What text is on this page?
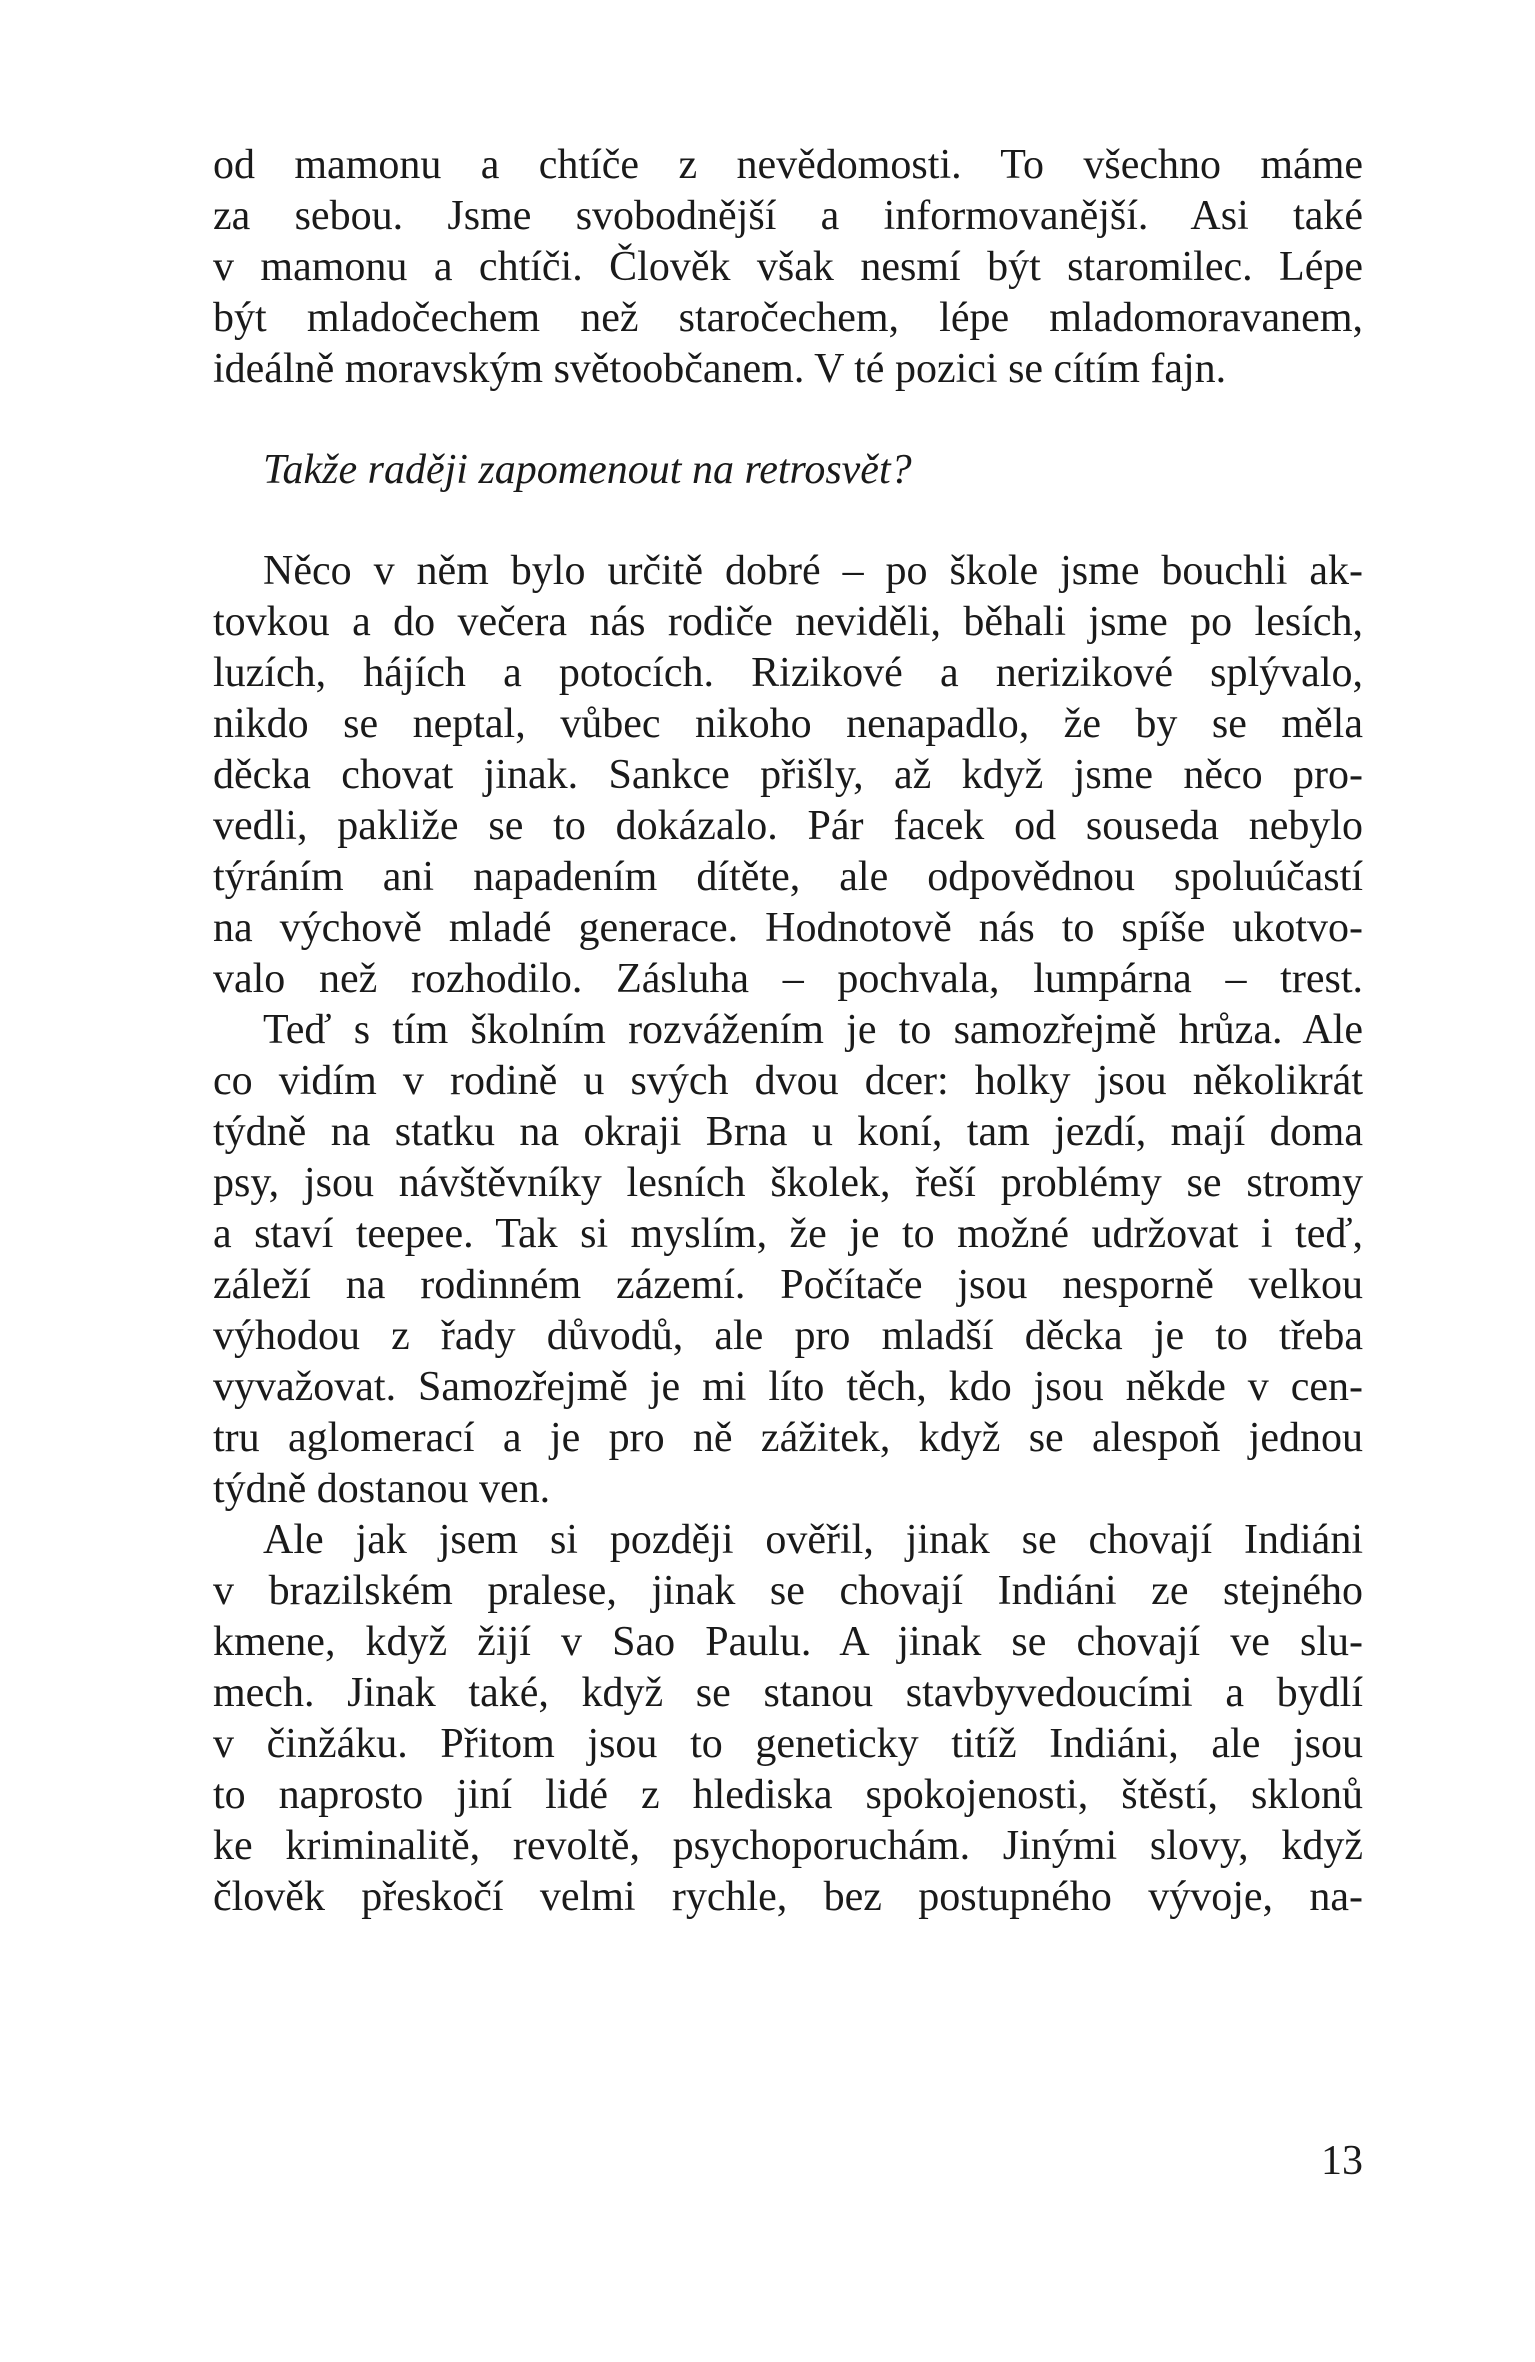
od mamonu a chtíče z nevědomosti. To všechno máme
za sebou. Jsme svobodnější a informovanější. Asi také
v mamonu a chtíči. Člověk však nesmí být staromilec. Lépe
být mladočechem než staročechem, lépe mladomoravanem,
ideálně moravským světoobčanem. V té pozici se cítím fajn.
Takže raději zapomenout na retrosvět?
Něco v něm bylo určitě dobré – po škole jsme bouchli ak-
tovkou a do večera nás rodiče neviděli, běhali jsme po lesích,
luzích, hájích a potocích. Rizikové a nerizikové splývalo,
nikdo se neptal, vůbec nikoho nenapadlo, že by se měla
děcka chovat jinak. Sankce přišly, až když jsme něco pro-
vedli, pakliže se to dokázalo. Pár facek od souseda nebylo
týráním ani napadením dítěte, ale odpovědnou spoluúčastí
na výchově mladé generace. Hodnotově nás to spíše ukotvo-
valo než rozhodilo. Zásluha – pochvala, lumpárna – trest.
Teď s tím školním rozvážením je to samozřejmě hrůza. Ale
co vidím v rodině u svých dvou dcer: holky jsou několikrát
týdně na statku na okraji Brna u koní, tam jezdí, mají doma
psy, jsou návštěvníky lesních školek, řeší problémy se stromy
a staví teepee. Tak si myslím, že je to možné udržovat i teď,
záleží na rodinném zázemí. Počítače jsou nesporně velkou
výhodou z řady důvodů, ale pro mladší děcka je to třeba
vyvažovat. Samozřejmě je mi líto těch, kdo jsou někde v cen-
tru aglomerací a je pro ně zážitek, když se alespoň jednou
týdně dostanou ven.
Ale jak jsem si později ověřil, jinak se chovají Indiáni
v brazilském pralese, jinak se chovají Indiáni ze stejného
kmene, když žijí v Sao Paulu. A jinak se chovají ve slu-
mech. Jinak také, když se stanou stavbyvedoucími a bydlí
v činžáku. Přitom jsou to geneticky titíž Indiáni, ale jsou
to naprosto jiní lidé z hlediska spokojenosti, štěstí, sklonů
ke kriminalitě, revoltě, psychoporuchám. Jinými slovy, když
člověk přeskočí velmi rychle, bez postupného vývoje, na-
13
